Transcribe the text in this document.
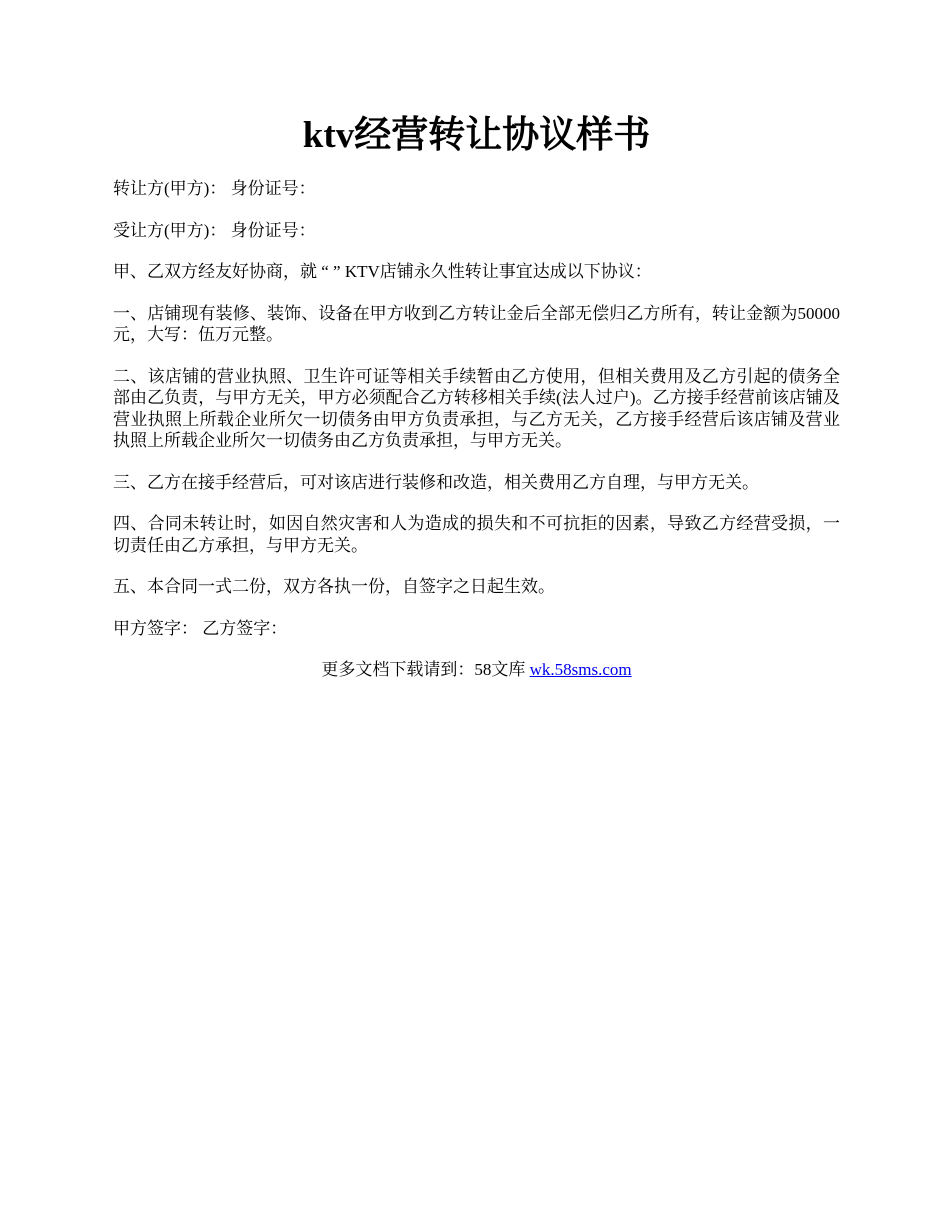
ktv经营转让协议样书

转让方(甲方)： 身份证号：

受让方(甲方)： 身份证号：

甲、乙双方经友好协商，就 “ ” KTV店铺永久性转让事宜达成以下协议：

一、店铺现有装修、装饰、设备在甲方收到乙方转让金后全部无偿归乙方所有，转让金额为50000元，大写：伍万元整。

二、该店铺的营业执照、卫生许可证等相关手续暂由乙方使用，但相关费用及乙方引起的债务全部由乙负责，与甲方无关，甲方必须配合乙方转移相关手续(法人过户)。乙方接手经营前该店铺及营业执照上所载企业所欠一切债务由甲方负责承担，与乙方无关，乙方接手经营后该店铺及营业执照上所载企业所欠一切债务由乙方负责承担，与甲方无关。

三、乙方在接手经营后，可对该店进行装修和改造，相关费用乙方自理，与甲方无关。

四、合同未转让时，如因自然灾害和人为造成的损失和不可抗拒的因素，导致乙方经营受损，一切责任由乙方承担，与甲方无关。

五、本合同一式二份，双方各执一份，自签字之日起生效。

甲方签字： 乙方签字：

更多文档下载请到：58文库 wk.58sms.com
